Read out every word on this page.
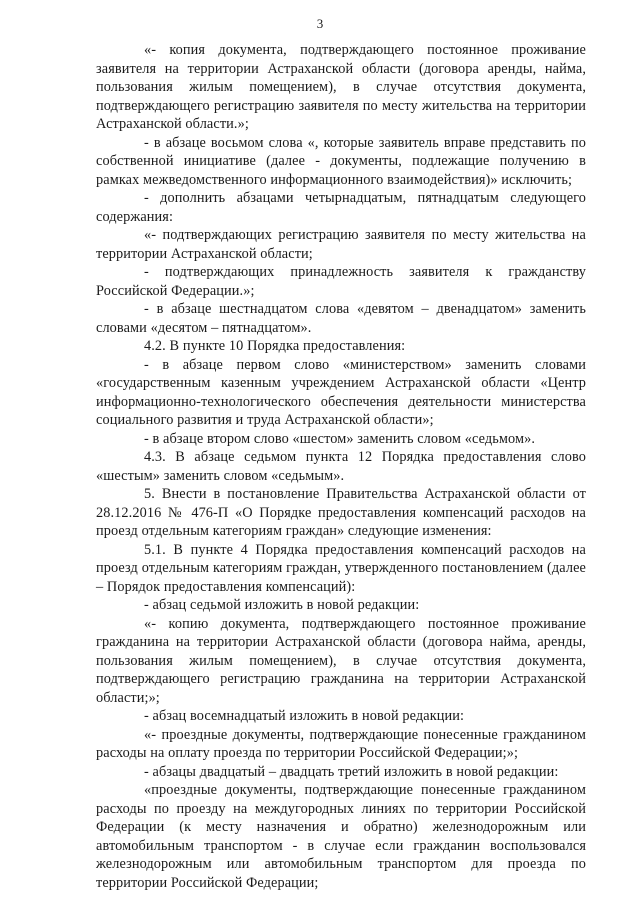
3

«- копия документа, подтверждающего постоянное проживание заявителя на территории Астраханской области (договора аренды, найма, пользования жилым помещением), в случае отсутствия документа, подтверждающего регистрацию заявителя по месту жительства на территории Астраханской области.»;

- в абзаце восьмом слова «, которые заявитель вправе представить по собственной инициативе (далее - документы, подлежащие получению в рамках межведомственного информационного взаимодействия)» исключить;

- дополнить абзацами четырнадцатым, пятнадцатым следующего содержания:

«- подтверждающих регистрацию заявителя по месту жительства на территории Астраханской области;

- подтверждающих принадлежность заявителя к гражданству Российской Федерации.»;

- в абзаце шестнадцатом слова «девятом – двенадцатом» заменить словами «десятом – пятнадцатом».

4.2. В пункте 10 Порядка предоставления:

- в абзаце первом слово «министерством» заменить словами «государственным казенным учреждением Астраханской области «Центр информационно-технологического обеспечения деятельности министерства социального развития и труда Астраханской области»;

- в абзаце втором слово «шестом» заменить словом «седьмом».

4.3. В абзаце седьмом пункта 12 Порядка предоставления слово «шестым» заменить словом «седьмым».

5. Внести в постановление Правительства Астраханской области от 28.12.2016 № 476-П «О Порядке предоставления компенсаций расходов на проезд отдельным категориям граждан» следующие изменения:

5.1. В пункте 4 Порядка предоставления компенсаций расходов на проезд отдельным категориям граждан, утвержденного постановлением (далее – Порядок предоставления компенсаций):

- абзац седьмой изложить в новой редакции:

«- копию документа, подтверждающего постоянное проживание гражданина на территории Астраханской области (договора найма, аренды, пользования жилым помещением), в случае отсутствия документа, подтверждающего регистрацию гражданина на территории Астраханской области;»;

- абзац восемнадцатый изложить в новой редакции:

«- проездные документы, подтверждающие понесенные гражданином расходы на оплату проезда по территории Российской Федерации;»;

- абзацы двадцатый – двадцать третий изложить в новой редакции:

«проездные документы, подтверждающие понесенные гражданином расходы по проезду на междугородных линиях по территории Российской Федерации (к месту назначения и обратно) железнодорожным или автомобильным транспортом - в случае если гражданин воспользовался железнодорожным или автомобильным транспортом для проезда по территории Российской Федерации;
